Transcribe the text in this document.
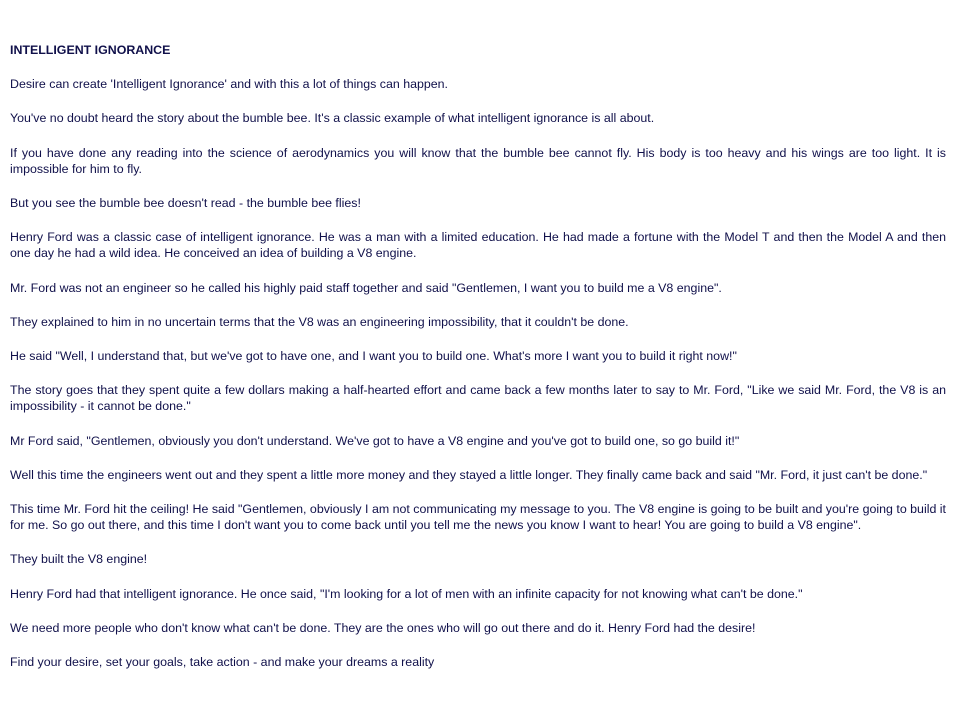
INTELLIGENT IGNORANCE

Desire can create 'Intelligent Ignorance' and with this a lot of things can happen.

You've no doubt heard the story about the bumble bee. It's a classic example of what intelligent ignorance is all about.

If you have done any reading into the science of aerodynamics you will know that the bumble bee cannot fly. His body is too heavy and his wings are too light. It is impossible for him to fly.

But you see the bumble bee doesn't read - the bumble bee flies!

Henry Ford was a classic case of intelligent ignorance. He was a man with a limited education. He had made a fortune with the Model T and then the Model A and then one day he had a wild idea. He conceived an idea of building a V8 engine.

Mr. Ford was not an engineer so he called his highly paid staff together and said "Gentlemen, I want you to build me a V8 engine".

They explained to him in no uncertain terms that the V8 was an engineering impossibility, that it couldn't be done.

He said "Well, I understand that, but we've got to have one, and I want you to build one. What's more I want you to build it right now!"

The story goes that they spent quite a few dollars making a half-hearted effort and came back a few months later to say to Mr. Ford, "Like we said Mr. Ford, the V8 is an impossibility - it cannot be done."

Mr Ford said, "Gentlemen, obviously you don't understand. We've got to have a V8 engine and you've got to build one, so go build it!"

Well this time the engineers went out and they spent a little more money and they stayed a little longer. They finally came back and said "Mr. Ford, it just can't be done."

This time Mr. Ford hit the ceiling! He said "Gentlemen, obviously I am not communicating my message to you. The V8 engine is going to be built and you're going to build it for me. So go out there, and this time I don't want you to come back until you tell me the news you know I want to hear! You are going to build a V8 engine".

They built the V8 engine!

Henry Ford had that intelligent ignorance. He once said, "I'm looking for a lot of men with an infinite capacity for not knowing what can't be done."

We need more people who don't know what can't be done. They are the ones who will go out there and do it. Henry Ford had the desire!

Find your desire, set your goals, take action - and make your dreams a reality
